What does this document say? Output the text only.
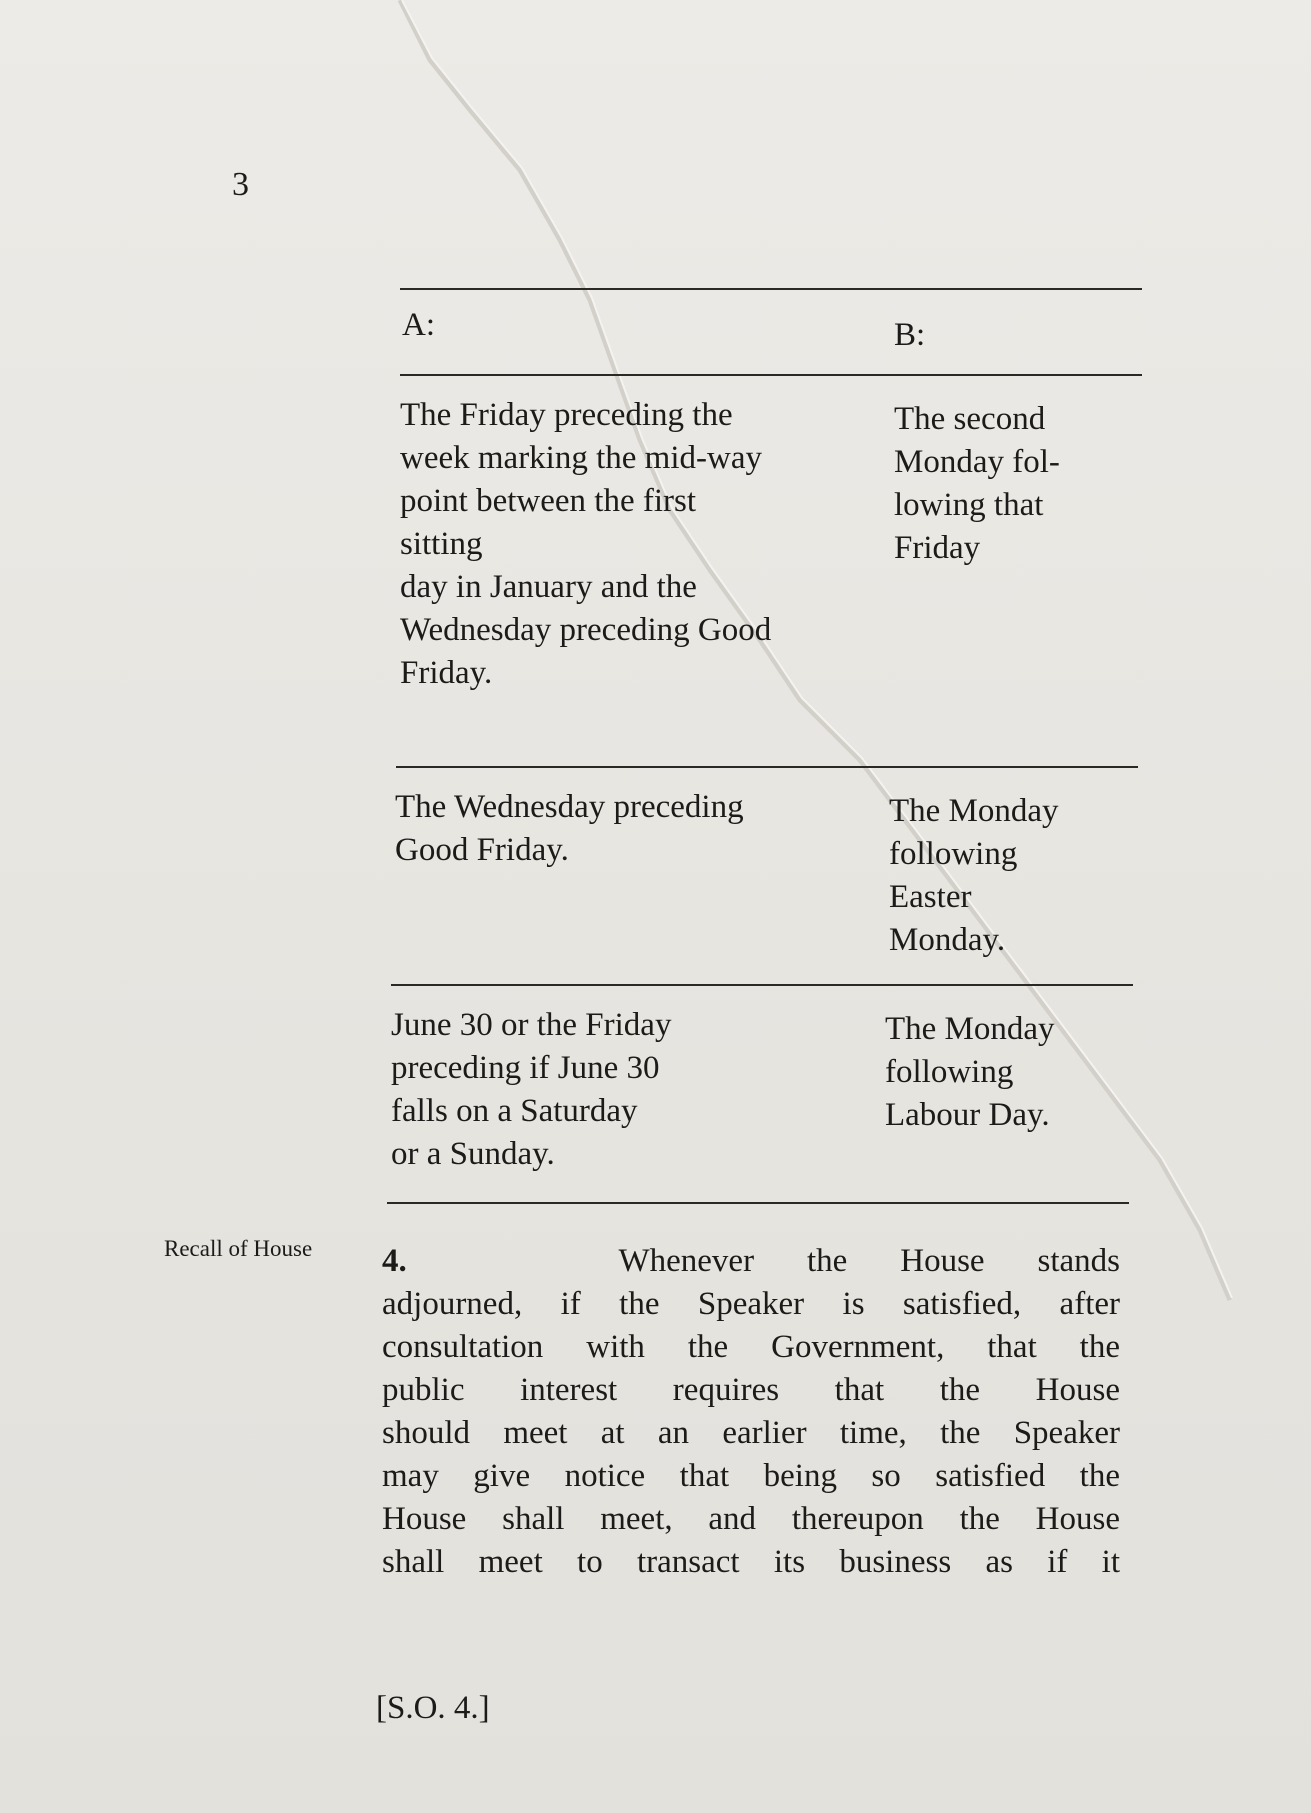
3
A:	B:
The Friday preceding the
week marking the mid-way
point between the first
sitting
day in January and the
Wednesday preceding Good
Friday.
The second
Monday fol-
lowing that
Friday
The Wednesday preceding
Good Friday.
The Monday
following
Easter
Monday.
June 30 or the Friday
preceding if June 30
falls on a Saturday
or a Sunday.
The Monday
following
Labour Day.
Recall of House 4.	Whenever the House stands
adjourned, if the Speaker is satisfied, after
consultation with the Government, that the
public interest requires that the House
should meet at an earlier time, the Speaker
may give notice that being so satisfied the
House shall meet, and thereupon the House
shall meet to transact its business as if it
[S.O. 4.]
